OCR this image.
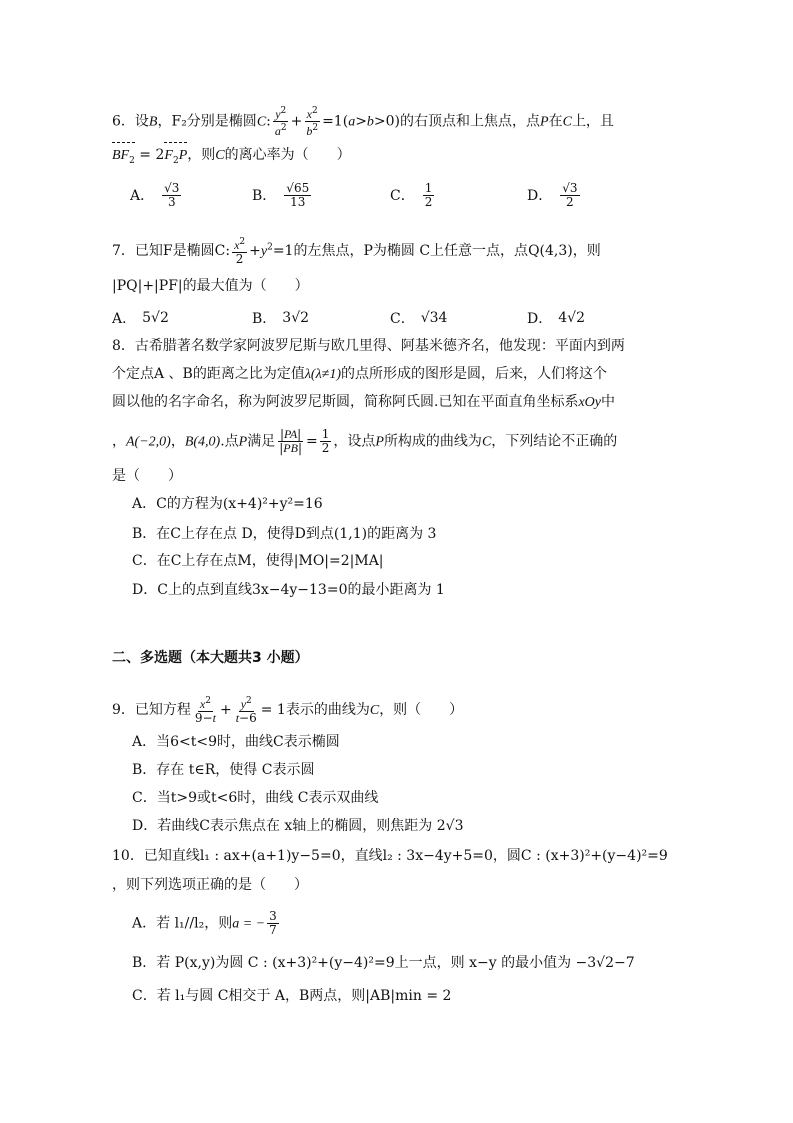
6．设B，F₂分别是椭圆C: $\frac{y^2}{a^2} + \frac{x^2}{b^2} =1(a>b>0)$的右顶点和上焦点，点P在C上，且
$BF_2 = 2F_2P$，则C的离心率为（　　）
A． $\frac{√3}{3}$	B． $\frac{√65}{13}$	C． $\frac{1}{2}$	D． $\frac{√3}{2}$
7．已知F是椭圆C: $\frac{x^2}{2} +y^2=1$的左焦点，P为椭圆 C上任意一点，点Q(4,3)，则
|PQ|+|PF|的最大值为（　　）
A． 5√2	B． 3√2	C． √34	D． 4√2
8．古希腊著名数学家阿波罗尼斯与欧几里得、阿基米德齐名，他发现：平面内到两
个定点A 、B的距离之比为定值λ(λ≠1)的点所形成的图形是圆，后来，人们将这个
圆以他的名字命名，称为阿波罗尼斯圆，简称阿氏圆.已知在平面直角坐标系xOy中
，A(−2,0)，B(4,0).点P满足 $\frac{|PA|}{|PB|} = \frac{1}{2}$ ，设点P所构成的曲线为C，下列结论不正确的
是（　　）
A．C的方程为(x+4)²+y²=16
B．在C上存在点 D，使得D到点(1,1)的距离为 3
C．在C上存在点M，使得|MO|=2|MA|
D．C上的点到直线3x−4y−13=0的最小距离为 1
二、多选题（本大题共3 小题）
9．已知方程 $\frac{x^2}{9-t} + \frac{y^2}{t-6} = 1$表示的曲线为C，则（　　）
A．当6<t<9时，曲线C表示椭圆
B．存在 t∈R，使得 C表示圆
C．当t>9或t<6时，曲线 C表示双曲线
D．若曲线C表示焦点在 x轴上的椭圆，则焦距为 2√3
10．已知直线l₁ : ax+(a+1)y−5=0，直线l₂ : 3x−4y+5=0，圆C : (x+3)²+(y−4)²=9
，则下列选项正确的是（　　）
A．若 l₁//l₂，则a = − $\frac{3}{7}$
B．若 P(x,y)为圆 C : (x+3)²+(y−4)²=9上一点，则 x−y 的最小值为 −3√2−7
C．若 l₁与圆 C相交于 A，B两点，则|AB|min = 2
